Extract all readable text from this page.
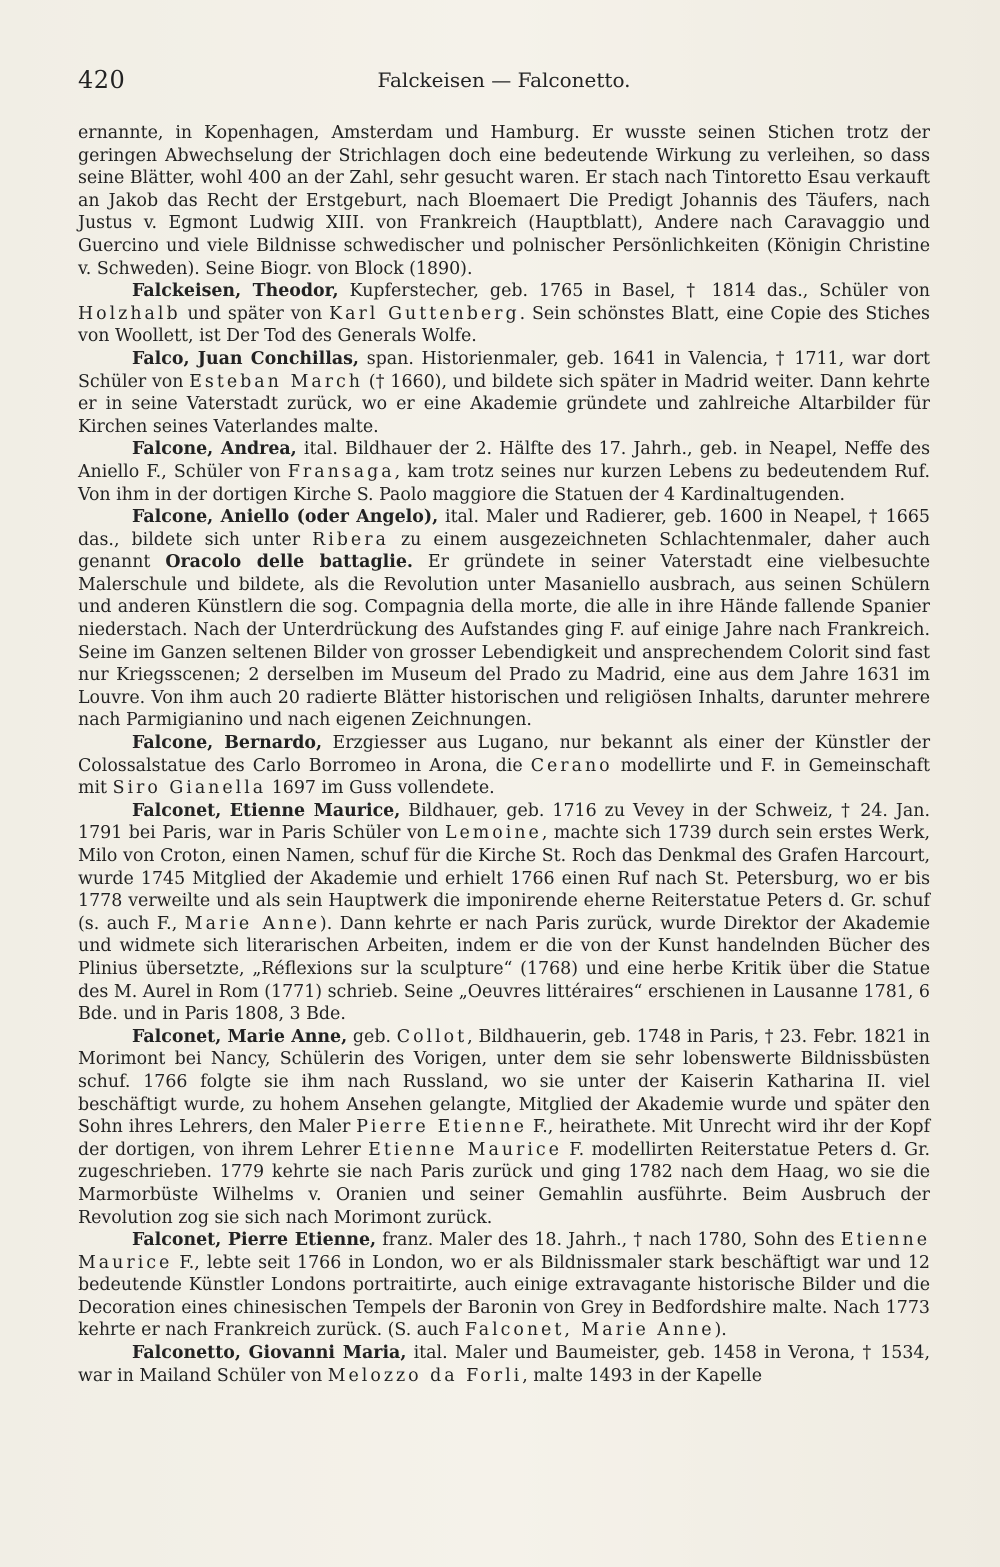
420	Falckeisen — Falconetto.

ernannte, in Kopenhagen, Amsterdam und Hamburg. Er wusste seinen Stichen trotz der geringen Abwechselung der Strichlagen doch eine bedeutende Wirkung zu verleihen, so dass seine Blätter, wohl 400 an der Zahl, sehr gesucht waren. Er stach nach Tintoretto Esau verkauft an Jakob das Recht der Erstgeburt, nach Bloemaert Die Predigt Johannis des Täufers, nach Justus v. Egmont Ludwig XIII. von Frankreich (Hauptblatt), Andere nach Caravaggio und Guercino und viele Bildnisse schwedischer und polnischer Persönlichkeiten (Königin Christine v. Schweden). Seine Biogr. von Block (1890).

Falckeisen, Theodor, Kupferstecher, geb. 1765 in Basel, † 1814 das., Schüler von Holzhalb und später von Karl Guttenberg. Sein schönstes Blatt, eine Copie des Stiches von Woollett, ist Der Tod des Generals Wolfe.

Falco, Juan Conchillas, span. Historienmaler, geb. 1641 in Valencia, † 1711, war dort Schüler von Esteban March († 1660), und bildete sich später in Madrid weiter. Dann kehrte er in seine Vaterstadt zurück, wo er eine Akademie gründete und zahlreiche Altarbilder für Kirchen seines Vaterlandes malte.

Falcone, Andrea, ital. Bildhauer der 2. Hälfte des 17. Jahrh., geb. in Neapel, Neffe des Aniello F., Schüler von Fransaga, kam trotz seines nur kurzen Lebens zu bedeutendem Ruf. Von ihm in der dortigen Kirche S. Paolo maggiore die Statuen der 4 Kardinaltugenden.

Falcone, Aniello (oder Angelo), ital. Maler und Radierer, geb. 1600 in Neapel, † 1665 das., bildete sich unter Ribera zu einem ausgezeichneten Schlachtenmaler, daher auch genannt Oracolo delle battaglie. Er gründete in seiner Vaterstadt eine vielbesuchte Malerschule und bildete, als die Revolution unter Masaniello ausbrach, aus seinen Schülern und anderen Künstlern die sog. Compagnia della morte, die alle in ihre Hände fallende Spanier niederstach. Nach der Unterdrückung des Aufstandes ging F. auf einige Jahre nach Frankreich. Seine im Ganzen seltenen Bilder von grosser Lebendigkeit und ansprechendem Colorit sind fast nur Kriegsscenen; 2 derselben im Museum del Prado zu Madrid, eine aus dem Jahre 1631 im Louvre. Von ihm auch 20 radierte Blätter historischen und religiösen Inhalts, darunter mehrere nach Parmigianino und nach eigenen Zeichnungen.

Falcone, Bernardo, Erzgiesser aus Lugano, nur bekannt als einer der Künstler der Colossalstatue des Carlo Borromeo in Arona, die Cerano modellirte und F. in Gemeinschaft mit Siro Gianella 1697 im Guss vollendete.

Falconet, Etienne Maurice, Bildhauer, geb. 1716 zu Vevey in der Schweiz, † 24. Jan. 1791 bei Paris, war in Paris Schüler von Lemoine, machte sich 1739 durch sein erstes Werk, Milo von Croton, einen Namen, schuf für die Kirche St. Roch das Denkmal des Grafen Harcourt, wurde 1745 Mitglied der Akademie und erhielt 1766 einen Ruf nach St. Petersburg, wo er bis 1778 verweilte und als sein Hauptwerk die imponirende eherne Reiterstatue Peters d. Gr. schuf (s. auch F., Marie Anne). Dann kehrte er nach Paris zurück, wurde Direktor der Akademie und widmete sich literarischen Arbeiten, indem er die von der Kunst handelnden Bücher des Plinius übersetzte, „Réflexions sur la sculpture“ (1768) und eine herbe Kritik über die Statue des M. Aurel in Rom (1771) schrieb. Seine „Oeuvres littéraires“ erschienen in Lausanne 1781, 6 Bde. und in Paris 1808, 3 Bde.

Falconet, Marie Anne, geb. Collot, Bildhauerin, geb. 1748 in Paris, † 23. Febr. 1821 in Morimont bei Nancy, Schülerin des Vorigen, unter dem sie sehr lobenswerte Bildnissbüsten schuf. 1766 folgte sie ihm nach Russland, wo sie unter der Kaiserin Katharina II. viel beschäftigt wurde, zu hohem Ansehen gelangte, Mitglied der Akademie wurde und später den Sohn ihres Lehrers, den Maler Pierre Etienne F., heirathete. Mit Unrecht wird ihr der Kopf der dortigen, von ihrem Lehrer Etienne Maurice F. modellirten Reiterstatue Peters d. Gr. zugeschrieben. 1779 kehrte sie nach Paris zurück und ging 1782 nach dem Haag, wo sie die Marmorbüste Wilhelms v. Oranien und seiner Gemahlin ausführte. Beim Ausbruch der Revolution zog sie sich nach Morimont zurück.

Falconet, Pierre Etienne, franz. Maler des 18. Jahrh., † nach 1780, Sohn des Etienne Maurice F., lebte seit 1766 in London, wo er als Bildnissmaler stark beschäftigt war und 12 bedeutende Künstler Londons portraitirte, auch einige extravagante historische Bilder und die Decoration eines chinesischen Tempels der Baronin von Grey in Bedfordshire malte. Nach 1773 kehrte er nach Frankreich zurück. (S. auch Falconet, Marie Anne).

Falconetto, Giovanni Maria, ital. Maler und Baumeister, geb. 1458 in Verona, † 1534, war in Mailand Schüler von Melozzo da Forli, malte 1493 in der Kapelle
